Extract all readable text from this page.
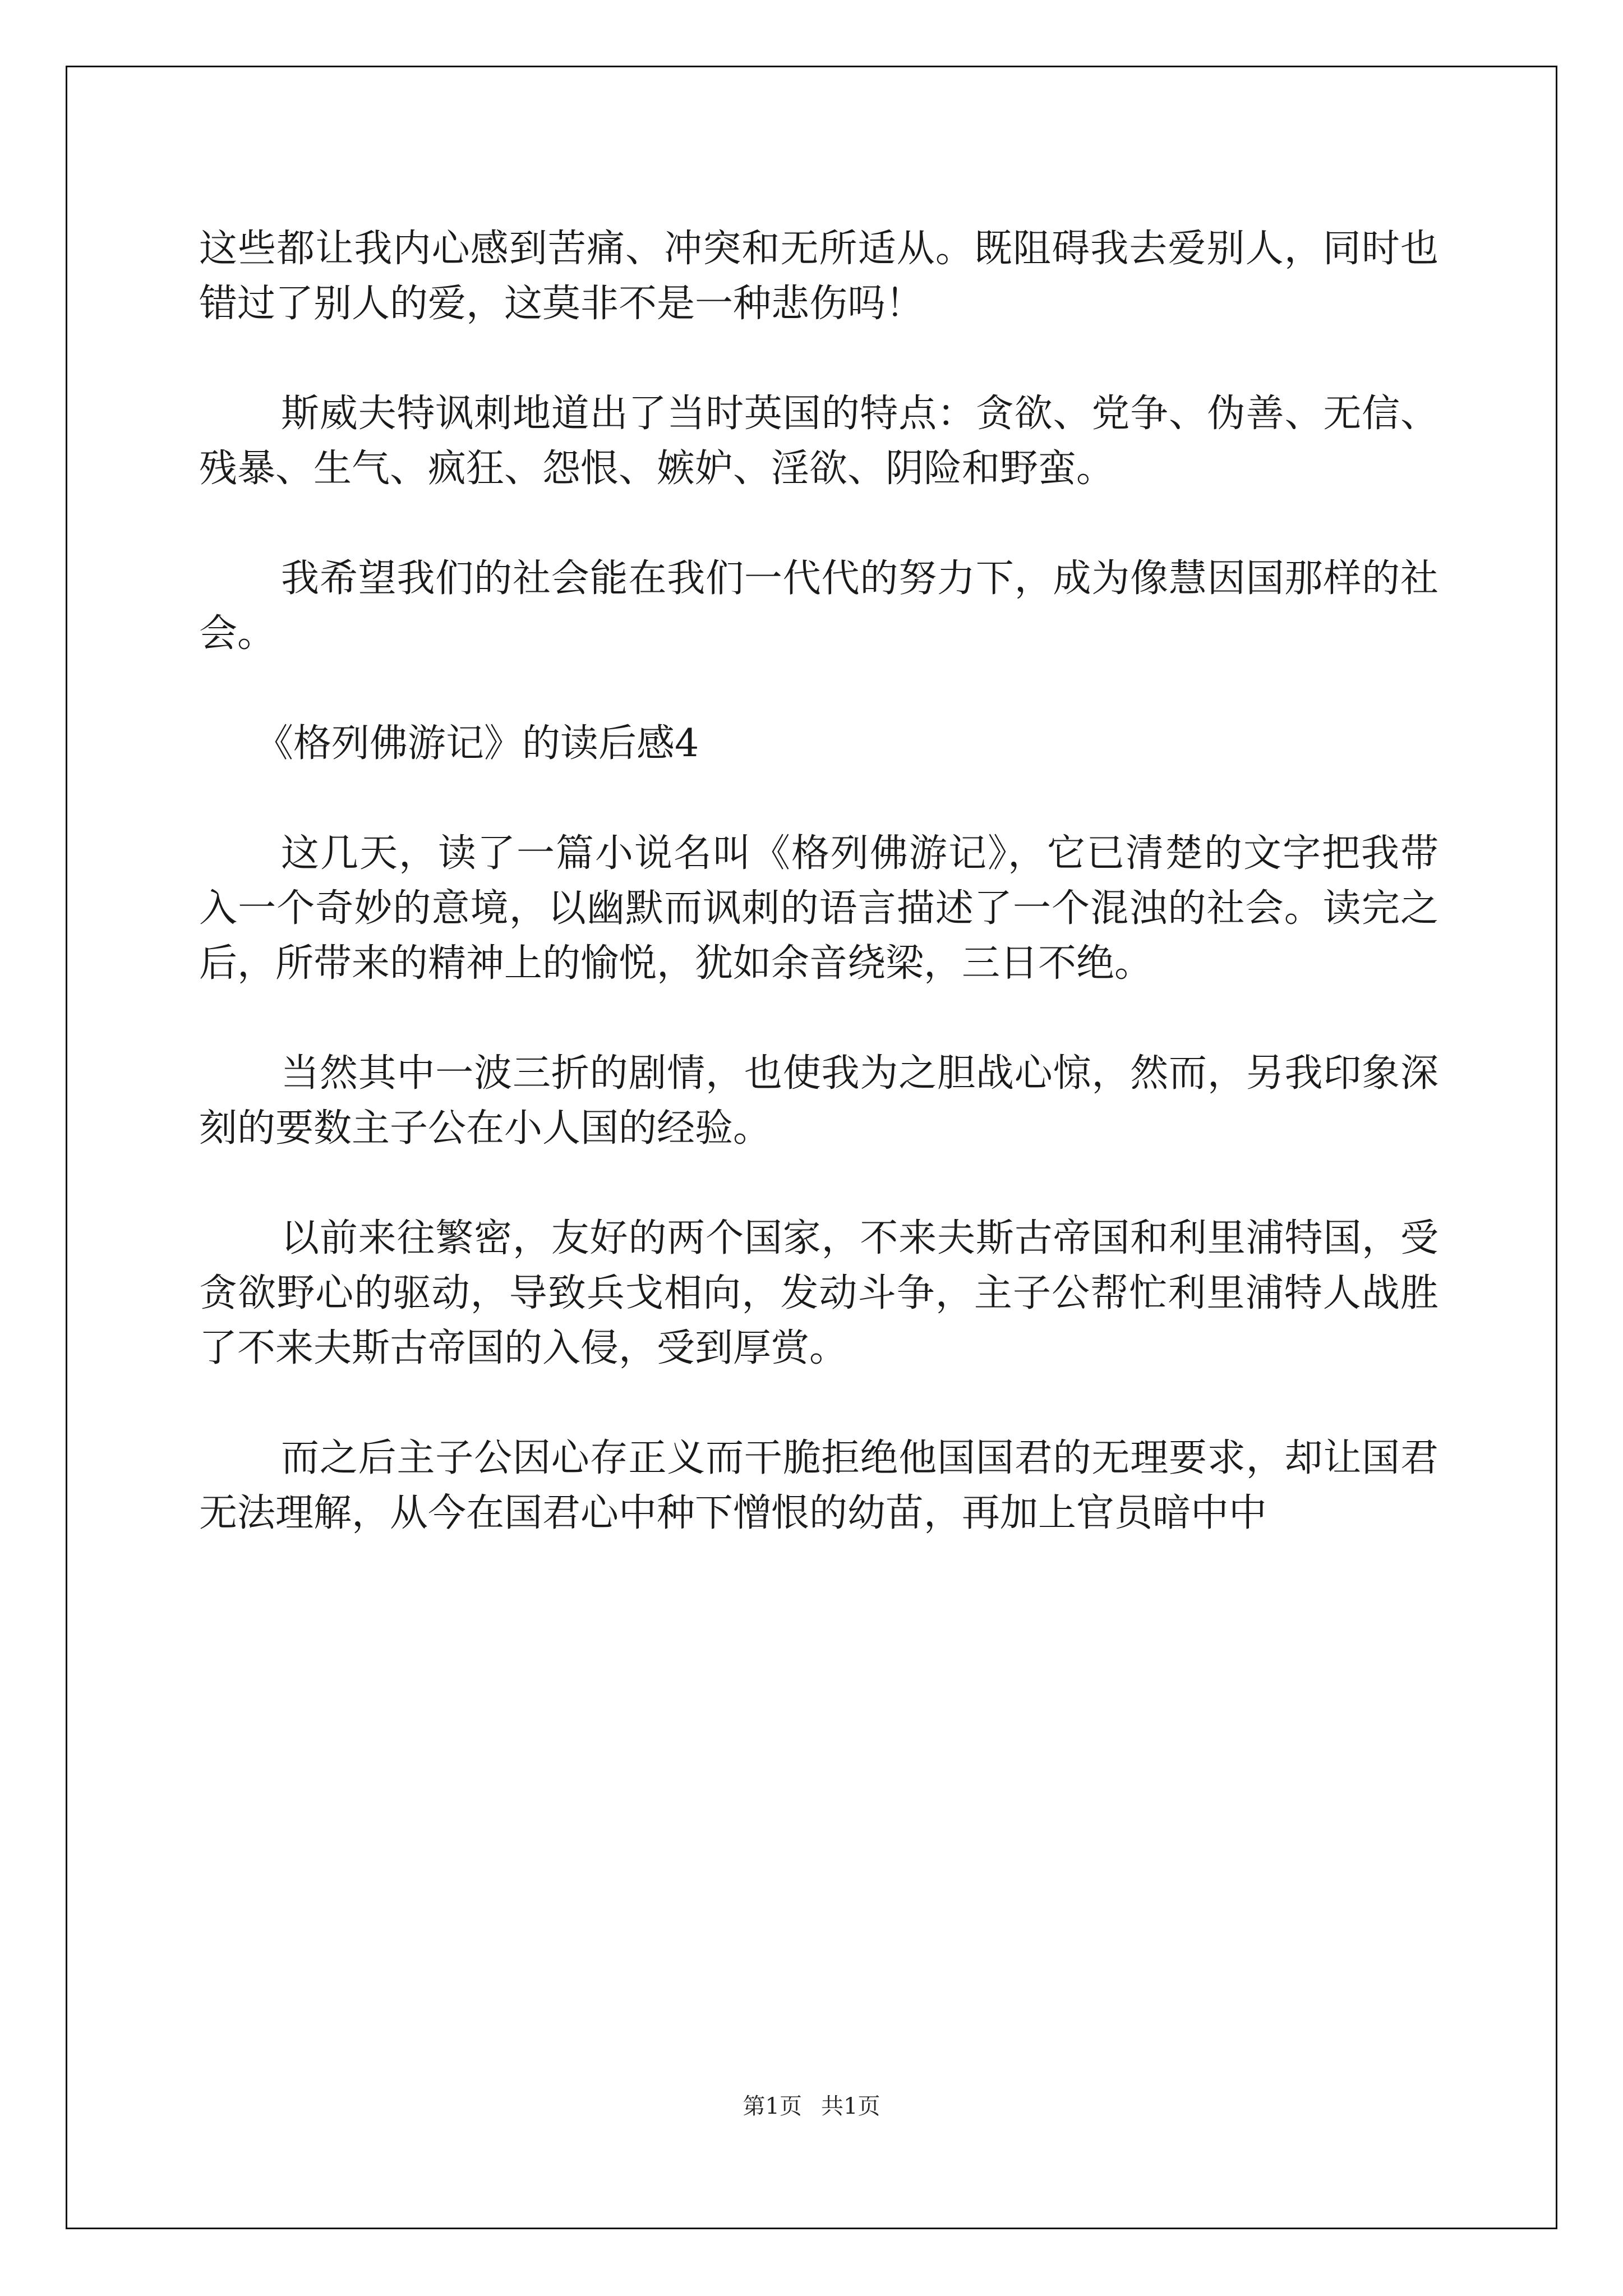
这些都让我内心感到苦痛、冲突和无所适从。既阻碍我去爱别人，同时也错过了别人的爱，这莫非不是一种悲伤吗！

斯威夫特讽刺地道出了当时英国的特点：贪欲、党争、伪善、无信、残暴、生气、疯狂、怨恨、嫉妒、淫欲、阴险和野蛮。

我希望我们的社会能在我们一代代的努力下，成为像慧因国那样的社会。

《格列佛游记》的读后感4

这几天，读了一篇小说名叫《格列佛游记》，它已清楚的文字把我带入一个奇妙的意境，以幽默而讽刺的语言描述了一个混浊的社会。读完之后，所带来的精神上的愉悦，犹如余音绕梁，三日不绝。

当然其中一波三折的剧情，也使我为之胆战心惊，然而，另我印象深刻的要数主子公在小人国的经验。

以前来往繁密，友好的两个国家，不来夫斯古帝国和利里浦特国，受贪欲野心的驱动，导致兵戈相向，发动斗争，主子公帮忙利里浦特人战胜了不来夫斯古帝国的入侵，受到厚赏。

而之后主子公因心存正义而干脆拒绝他国国君的无理要求，却让国君无法理解，从今在国君心中种下憎恨的幼苗，再加上官员暗中中

第1页 共1页
